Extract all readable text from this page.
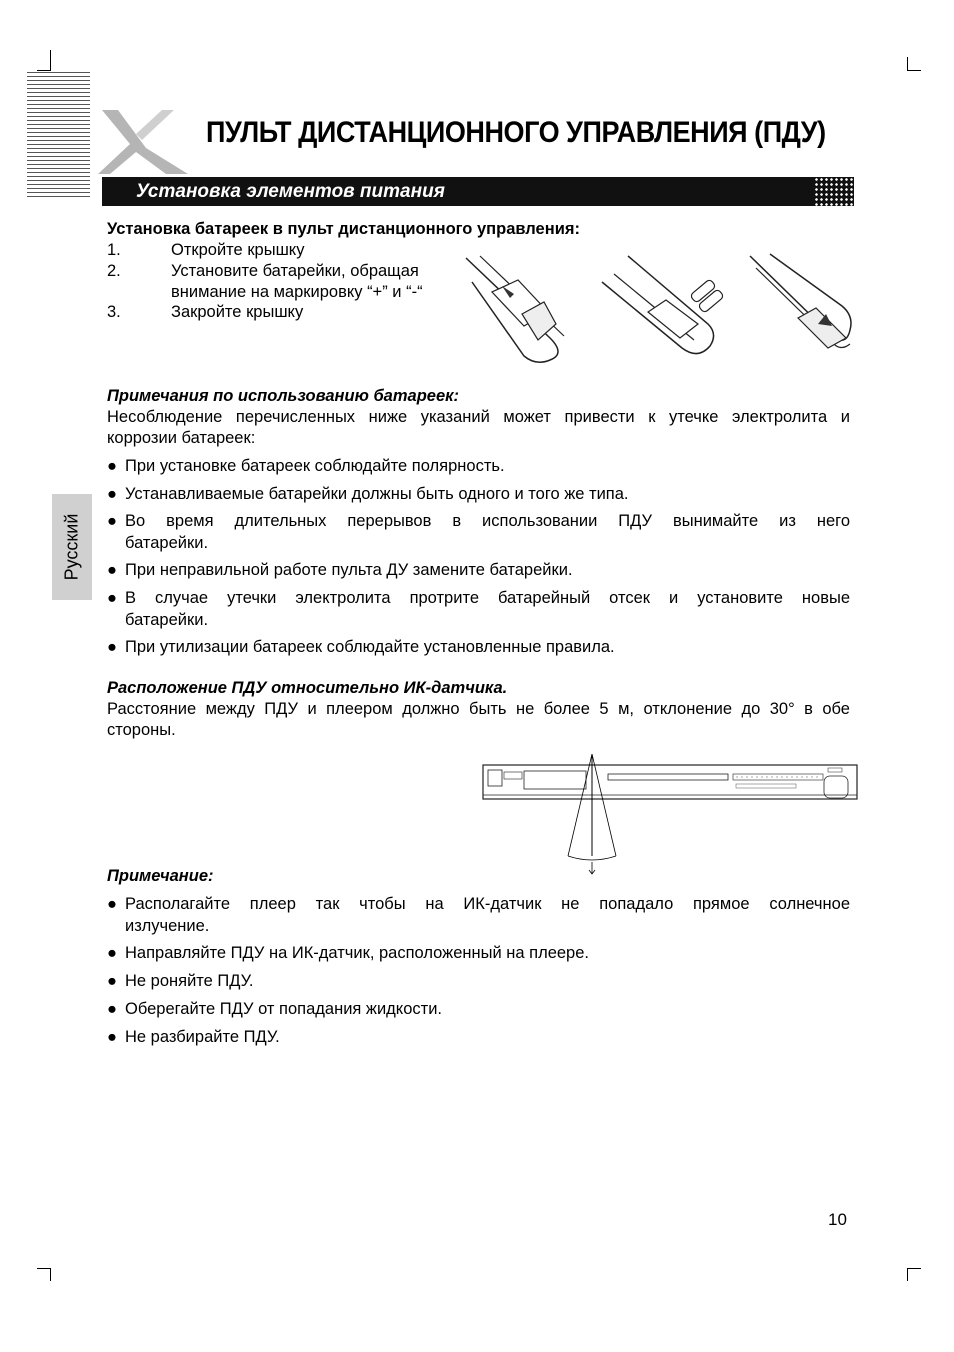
ПУЛЬТ ДИСТАНЦИОННОГО УПРАВЛЕНИЯ (ПДУ)
Установка элементов питания
Русский
Установка батареек в пульт дистанционного управления:
1.	Откройте крышку
2.	Установите батарейки, обращая
внимание на маркировку “+” и “-“
3.	Закройте крышку
Примечания по использованию батареек:
Несоблюдение перечисленных ниже указаний может привести к утечке электролита и
коррозии батареек:
● При установке батареек соблюдайте полярность.
● Устанавливаемые батарейки должны быть одного и того же типа.
● Во время длительных перерывов в использовании ПДУ вынимайте из него
батарейки.
● При неправильной работе пульта ДУ замените батарейки.
● В случае утечки электролита протрите батарейный отсек и установите новые
батарейки.
● При утилизации батареек соблюдайте установленные правила.
Расположение ПДУ относительно ИК-датчика.
Расстояние между ПДУ и плеером должно быть не более 5 м, отклонение до 30° в обе
стороны.
Примечание:
● Располагайте плеер так чтобы на ИК-датчик не попадало прямое солнечное
излучение.
● Направляйте ПДУ на ИК-датчик, расположенный на плеере.
● Не роняйте ПДУ.
● Оберегайте ПДУ от попадания жидкости.
● Не разбирайте ПДУ.
10
